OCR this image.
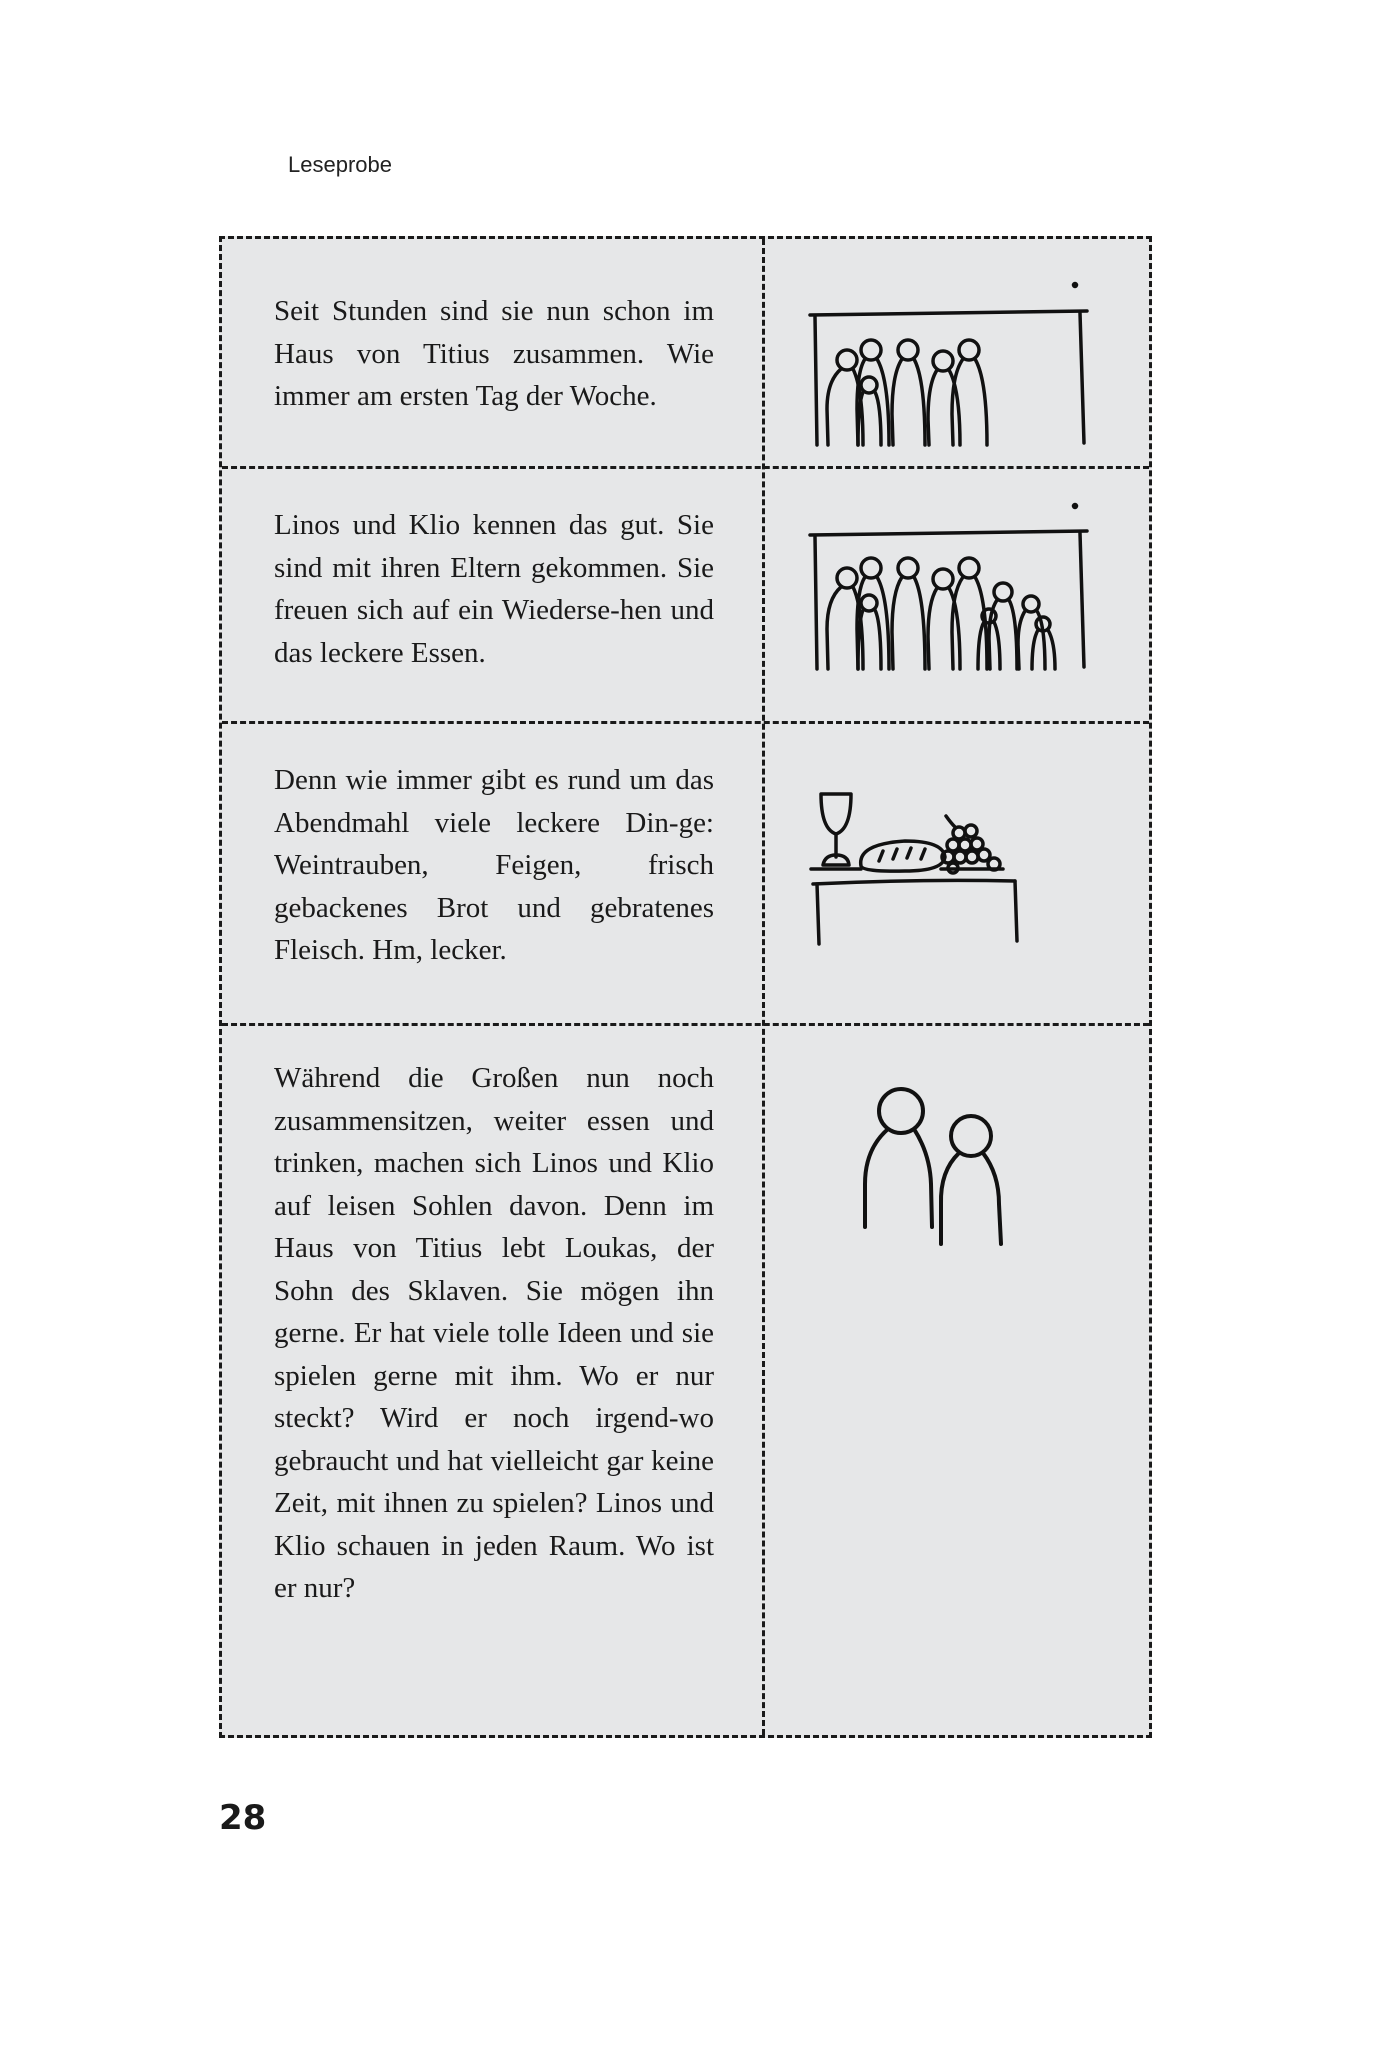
Leseprobe

Seit Stunden sind sie nun schon im Haus von Titius zusammen. Wie immer am ersten Tag der Woche.

Linos und Klio kennen das gut. Sie sind mit ihren Eltern gekommen. Sie freuen sich auf ein Wiederse-hen und das leckere Essen.

Denn wie immer gibt es rund um das Abendmahl viele leckere Din-ge: Weintrauben, Feigen, frisch gebackenes Brot und gebratenes Fleisch. Hm, lecker.

Während die Großen nun noch zusammensitzen, weiter essen und trinken, machen sich Linos und Klio auf leisen Sohlen davon. Denn im Haus von Titius lebt Loukas, der Sohn des Sklaven. Sie mögen ihn gerne. Er hat viele tolle Ideen und sie spielen gerne mit ihm. Wo er nur steckt? Wird er noch irgend-wo gebraucht und hat vielleicht gar keine Zeit, mit ihnen zu spielen? Linos und Klio schauen in jeden Raum. Wo ist er nur?

28
